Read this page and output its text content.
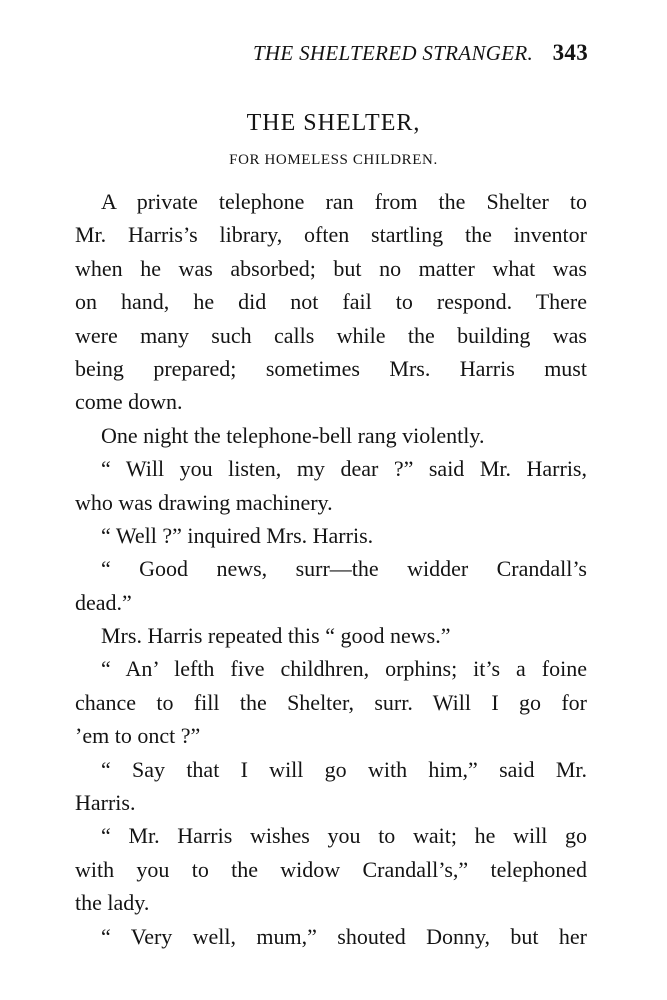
THE SHELTERED STRANGER. 343
THE SHELTER,
FOR HOMELESS CHILDREN.
A private telephone ran from the Shelter to
Mr. Harris’s library, often startling the inventor
when he was absorbed; but no matter what was
on hand, he did not fail to respond. There
were many such calls while the building was
being prepared; sometimes Mrs. Harris must
come down.
One night the telephone-bell rang violently.
“ Will you listen, my dear ?” said Mr. Harris,
who was drawing machinery.
“ Well ?” inquired Mrs. Harris.
“ Good news, surr—the widder Crandall’s
dead.”
Mrs. Harris repeated this “ good news.”
“ An’ lefth five childhren, orphins; it’s a foine
chance to fill the Shelter, surr. Will I go for
’em to onct ?”
“ Say that I will go with him,” said Mr.
Harris.
“ Mr. Harris wishes you to wait; he will go
with you to the widow Crandall’s,” telephoned
the lady.
“ Very well, mum,” shouted Donny, but her
